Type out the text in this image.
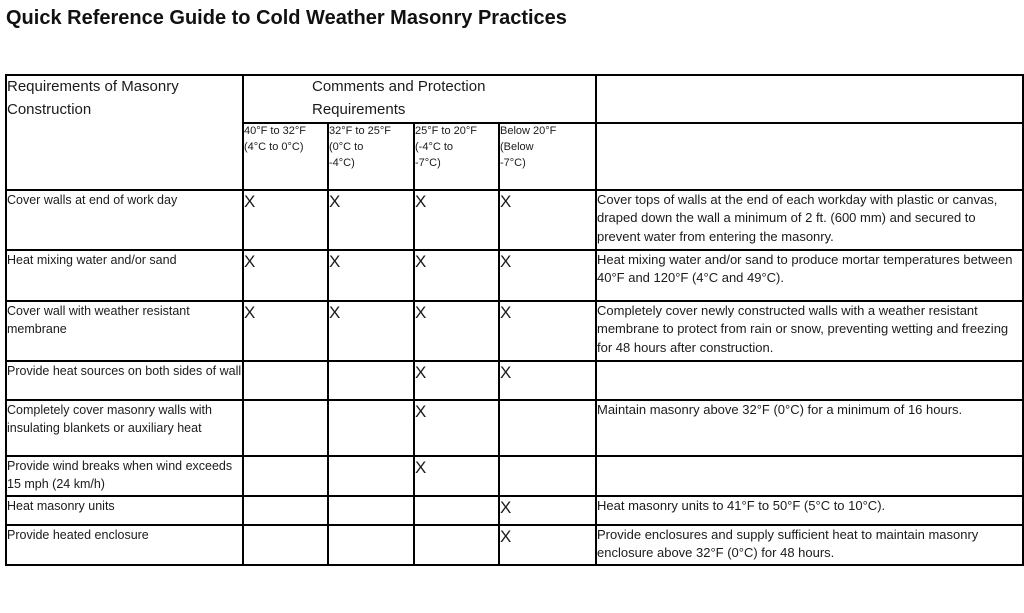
Quick Reference Guide to Cold Weather Masonry Practices
Requirements of Masonry Construction	Comments and Protection Requirements				

	40°F to 32°F (4°C to 0°C)	32°F to 25°F (0°C to -4°C)	25°F to 20°F (-4°C to -7°C)	Below 20°F (Below -7°C)	

Cover walls at end of work day	X	X	X	X	Cover tops of walls at the end of each workday with plastic or canvas, draped down the wall a minimum of 2 ft. (600 mm) and secured to prevent water from entering the masonry.
Heat mixing water and/or sand	X	X	X	X	Heat mixing water and/or sand to produce mortar temperatures between 40°F and 120°F (4°C and 49°C).
Cover wall with weather resistant membrane	X	X	X	X	Completely cover newly constructed walls with a weather resistant membrane to protect from rain or snow, preventing wetting and freezing for 48 hours after construction.
Provide heat sources on both sides of wall			X	X	
Completely cover masonry walls with insulating blankets or auxiliary heat			X		Maintain masonry above 32°F (0°C) for a minimum of 16 hours.
Provide wind breaks when wind exceeds 15 mph (24 km/h)			X		
Heat masonry units				X	Heat masonry units to 41°F to 50°F (5°C to 10°C).
Provide heated enclosure				X	Provide enclosures and supply sufficient heat to maintain masonry enclosure above 32°F (0°C) for 48 hours.
